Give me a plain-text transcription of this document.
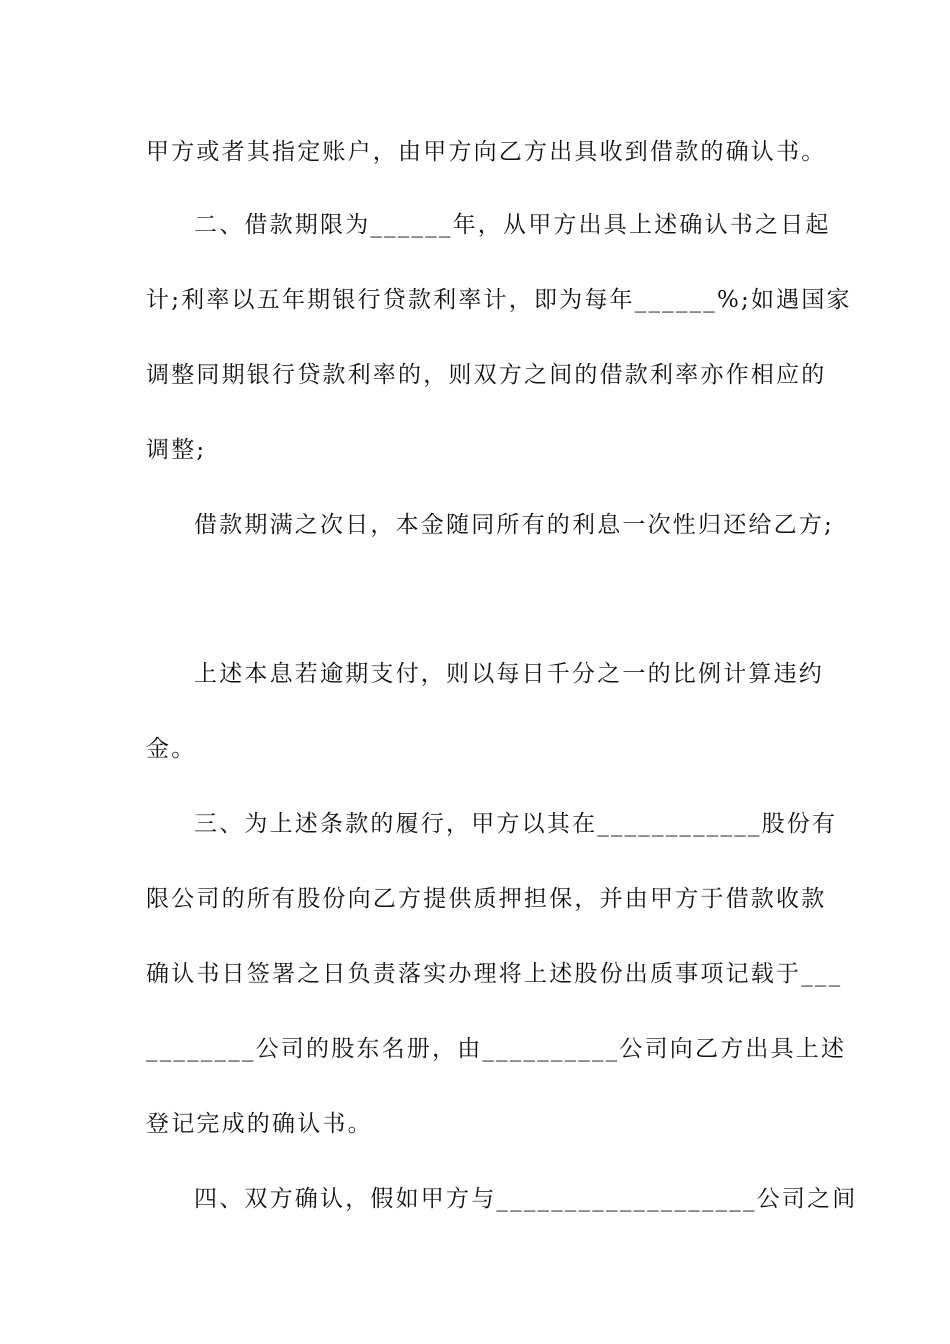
甲方或者其指定账户，由甲方向乙方出具收到借款的确认书。
二、借款期限为______年，从甲方出具上述确认书之日起
计;利率以五年期银行贷款利率计，即为每年______%;如遇国家
调整同期银行贷款利率的，则双方之间的借款利率亦作相应的
调整;
借款期满之次日，本金随同所有的利息一次性归还给乙方;
上述本息若逾期支付，则以每日千分之一的比例计算违约
金。
三、为上述条款的履行，甲方以其在____________股份有
限公司的所有股份向乙方提供质押担保，并由甲方于借款收款
确认书日签署之日负责落实办理将上述股份出质事项记载于___
________公司的股东名册，由__________公司向乙方出具上述
登记完成的确认书。
四、双方确认，假如甲方与___________________公司之间
